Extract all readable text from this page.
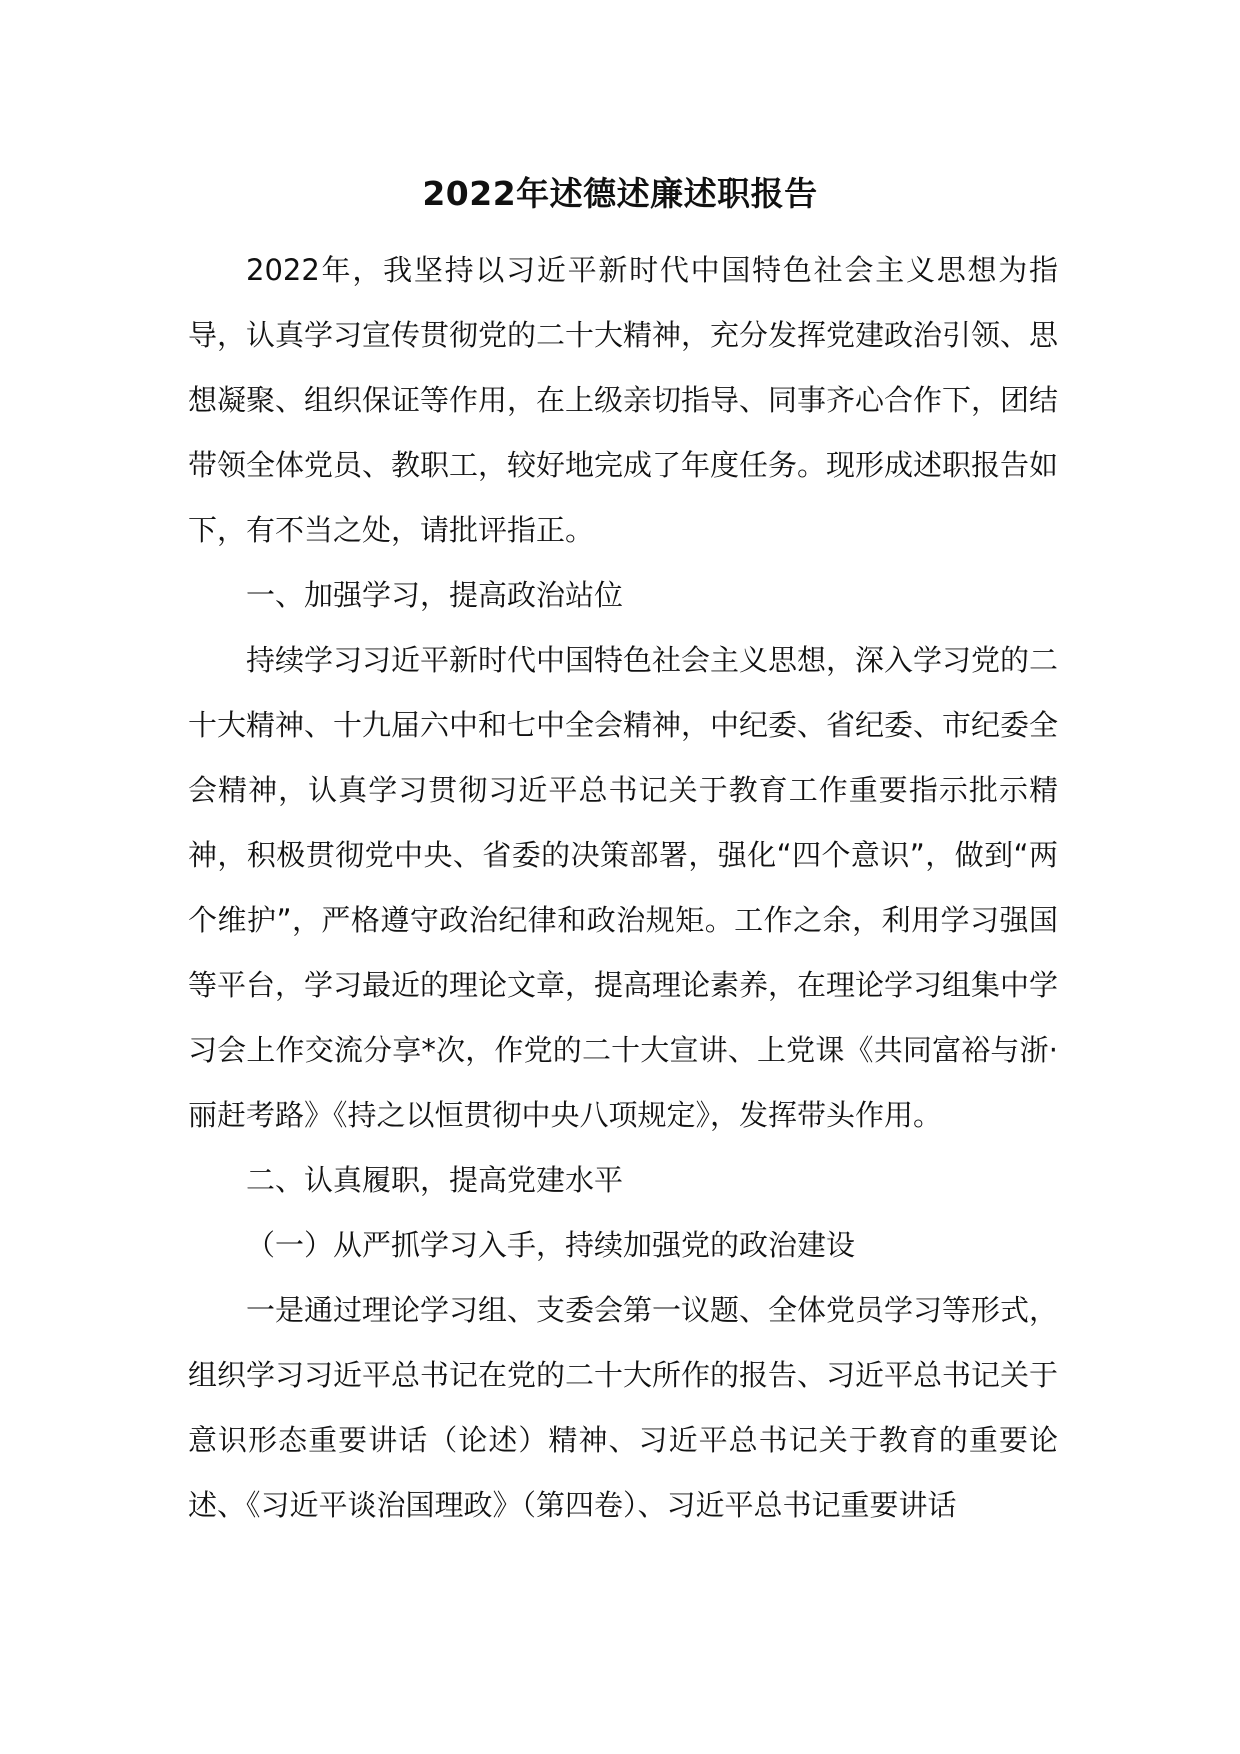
2022年述德述廉述职报告

2022年，我坚持以习近平新时代中国特色社会主义思想为指导，认真学习宣传贯彻党的二十大精神，充分发挥党建政治引领、思想凝聚、组织保证等作用，在上级亲切指导、同事齐心合作下，团结带领全体党员、教职工，较好地完成了年度任务。现形成述职报告如下，有不当之处，请批评指正。

一、加强学习，提高政治站位

持续学习习近平新时代中国特色社会主义思想，深入学习党的二十大精神、十九届六中和七中全会精神，中纪委、省纪委、市纪委全会精神，认真学习贯彻习近平总书记关于教育工作重要指示批示精神，积极贯彻党中央、省委的决策部署，强化“四个意识”，做到“两个维护”，严格遵守政治纪律和政治规矩。工作之余，利用学习强国等平台，学习最近的理论文章，提高理论素养，在理论学习组集中学习会上作交流分享*次，作党的二十大宣讲、上党课《共同富裕与浙·丽赶考路》《持之以恒贯彻中央八项规定》，发挥带头作用。

二、认真履职，提高党建水平

（一）从严抓学习入手，持续加强党的政治建设

一是通过理论学习组、支委会第一议题、全体党员学习等形式，组织学习习近平总书记在党的二十大所作的报告、习近平总书记关于意识形态重要讲话（论述）精神、习近平总书记关于教育的重要论述、《习近平谈治国理政》（第四卷）、习近平总书记重要讲话
